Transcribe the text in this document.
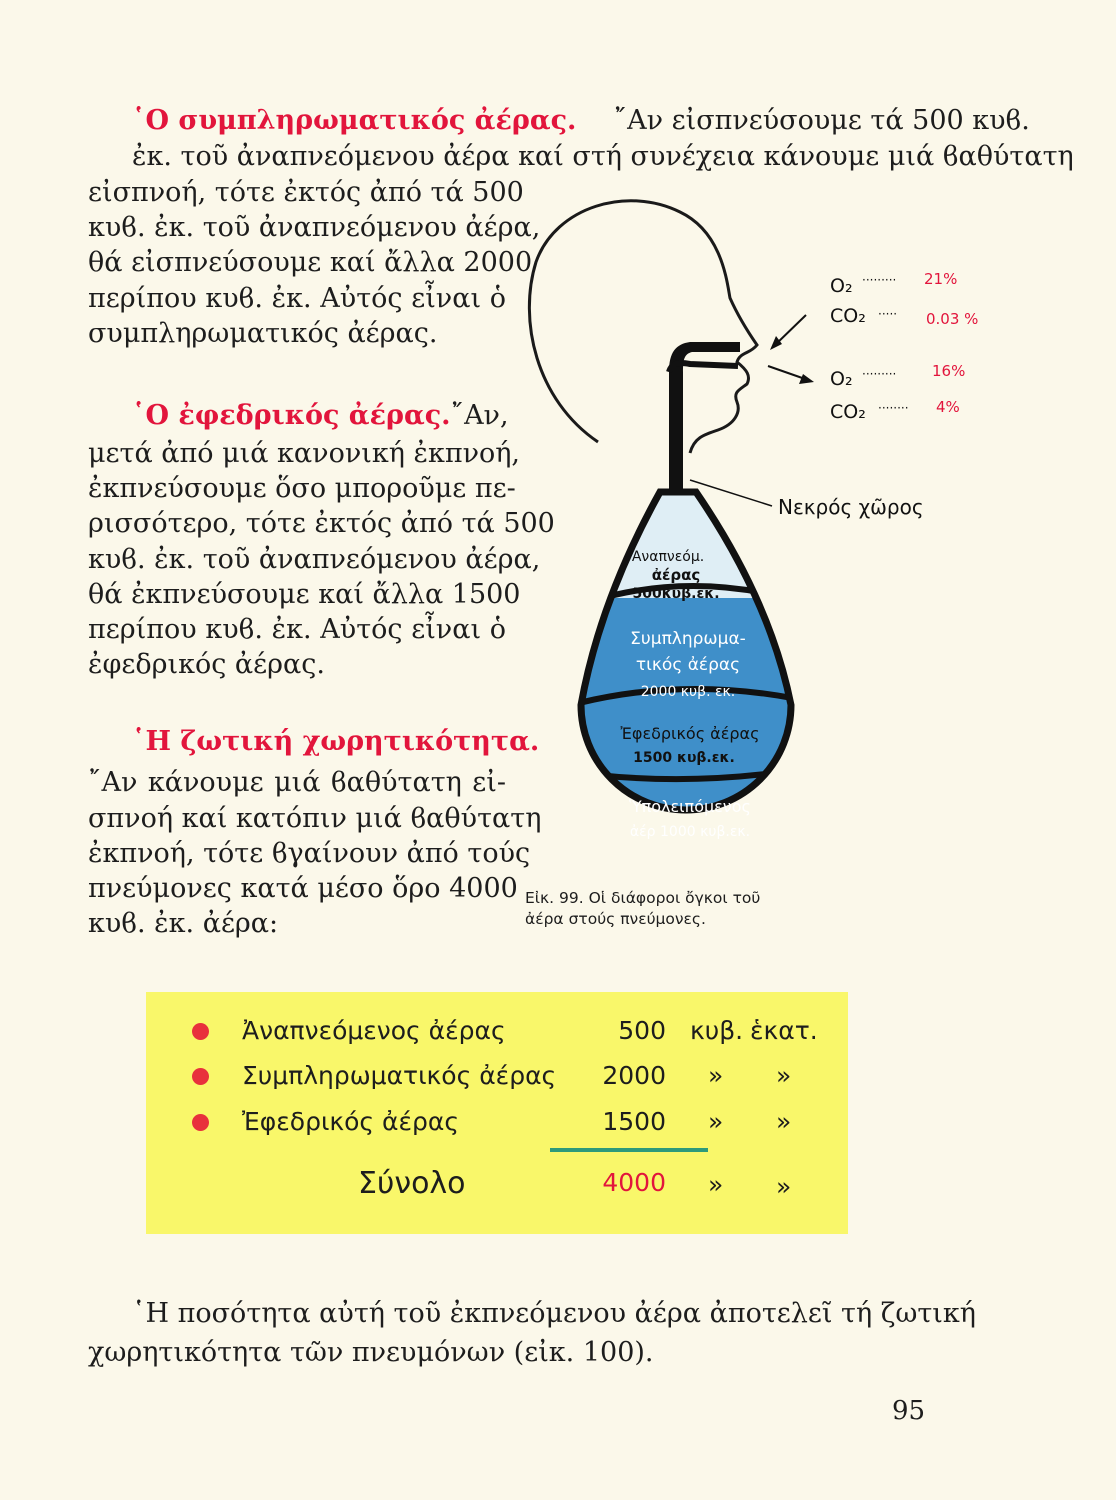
῾Ο συμπληρωματικός ἀέρας. ῎Αν εἰσπνεύσουμε τά 500 κυϐ.
ἐκ. τοῦ ἀναπνεόμενου ἀέρα καί στή συνέχεια κάνουμε μιά ϐαθύτατη
εἰσπνοή, τότε ἐκτός ἀπό τά 500
κυϐ. ἐκ. τοῦ ἀναπνεόμενου ἀέρα,
θά εἰσπνεύσουμε καί ἄλλα 2000
περίπου κυϐ. ἐκ. Αὐτός εἶναι ὁ
συμπληρωματικός ἀέρας.
῾Ο ἐφεδρικός ἀέρας. ῎Αν,
μετά ἀπό μιά κανονική ἐκπνοή,
ἐκπνεύσουμε ὅσο μποροῦμε πε-
ρισσότερο, τότε ἐκτός ἀπό τά 500
κυϐ. ἐκ. τοῦ ἀναπνεόμενου ἀέρα,
θά ἐκπνεύσουμε καί ἄλλα 1500
περίπου κυϐ. ἐκ. Αὐτός εἶναι ὁ
ἐφεδρικός ἀέρας.
῾Η ζωτική χωρητικότητα.
῎Αν κάνουμε μιά ϐαθύτατη εἰ-
σπνοή καί κατόπιν μιά ϐαθύτατη
ἐκπνοή, τότε ϐγαίνουν ἀπό τούς
πνεύμονες κατά μέσο ὅρο 4000
κυϐ. ἐκ. ἀέρα:
Αναπνεόμ.
ἀέρας
500κυβ.εκ.
Συμπληρωμα-
τικός ἀέρας
2000 κυβ. εκ.
Ἐφεδρικός ἀέρας
1500 κυβ.εκ.
Ὑπολειπόμενος
ἀέρ 1000 κυβ.εκ.
Νεκρός χῶρος
O₂ ········· 21%
CO₂ ····· 0.03 %
O₂ ········· 16%
CO₂ ········ 4%
Εἰκ. 99. Οἱ διάφοροι ὄγκοι τοῦ
ἀέρα στούς πνεύμονες.
Ἀναπνεόμενος ἀέρας	500 κυβ. ἑκατ.
Συμπληρωματικός ἀέρας 2000 » »
Ἐφεδρικός ἀέρας	1500 » »
Σύνολο	4000 » »
῾Η ποσότητα αὐτή τοῦ ἐκπνεόμενου ἀέρα ἀποτελεῖ τή ζωτική
χωρητικότητα τῶν πνευμόνων (εἰκ. 100).
95
